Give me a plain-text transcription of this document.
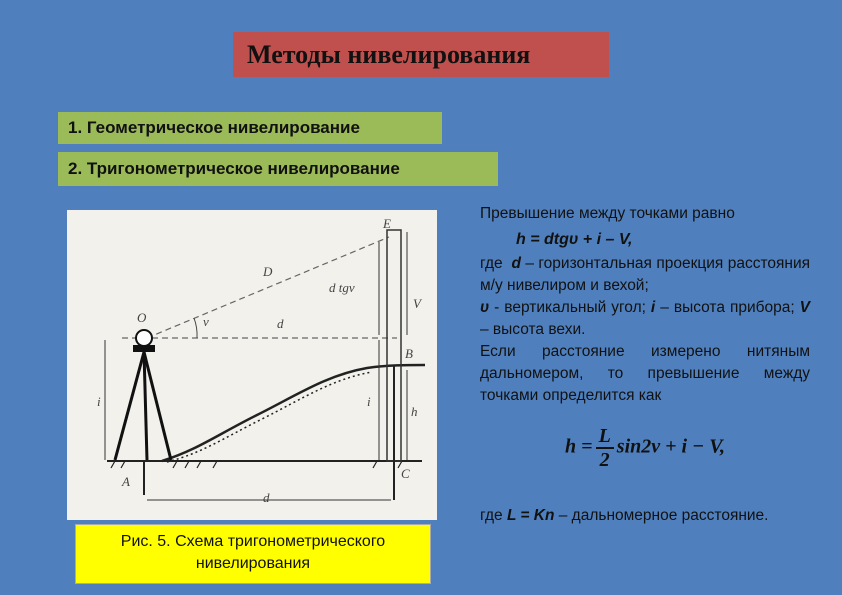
Методы нивелирования
1. Геометрическое нивелирование
2. Тригонометрическое нивелирование
E
D
O	ν	d
d tgν
V
B
i
h
i
C
A
d
Рис. 5. Схема тригонометрического нивелирования

Превышение между точками равно

h = dtgυ + i – V,

где d – горизонтальная проекция расстояния м/у нивелиром и вехой;

υ - вертикальный угол; i – высота прибора; V – высота вехи.

Если расстояние измерено нитяным дальномером, то превышение между точками определится как

$h = \frac{L}{2} \sin 2\nu + i - V$,

где L = Kn – дальномерное расстояние.
